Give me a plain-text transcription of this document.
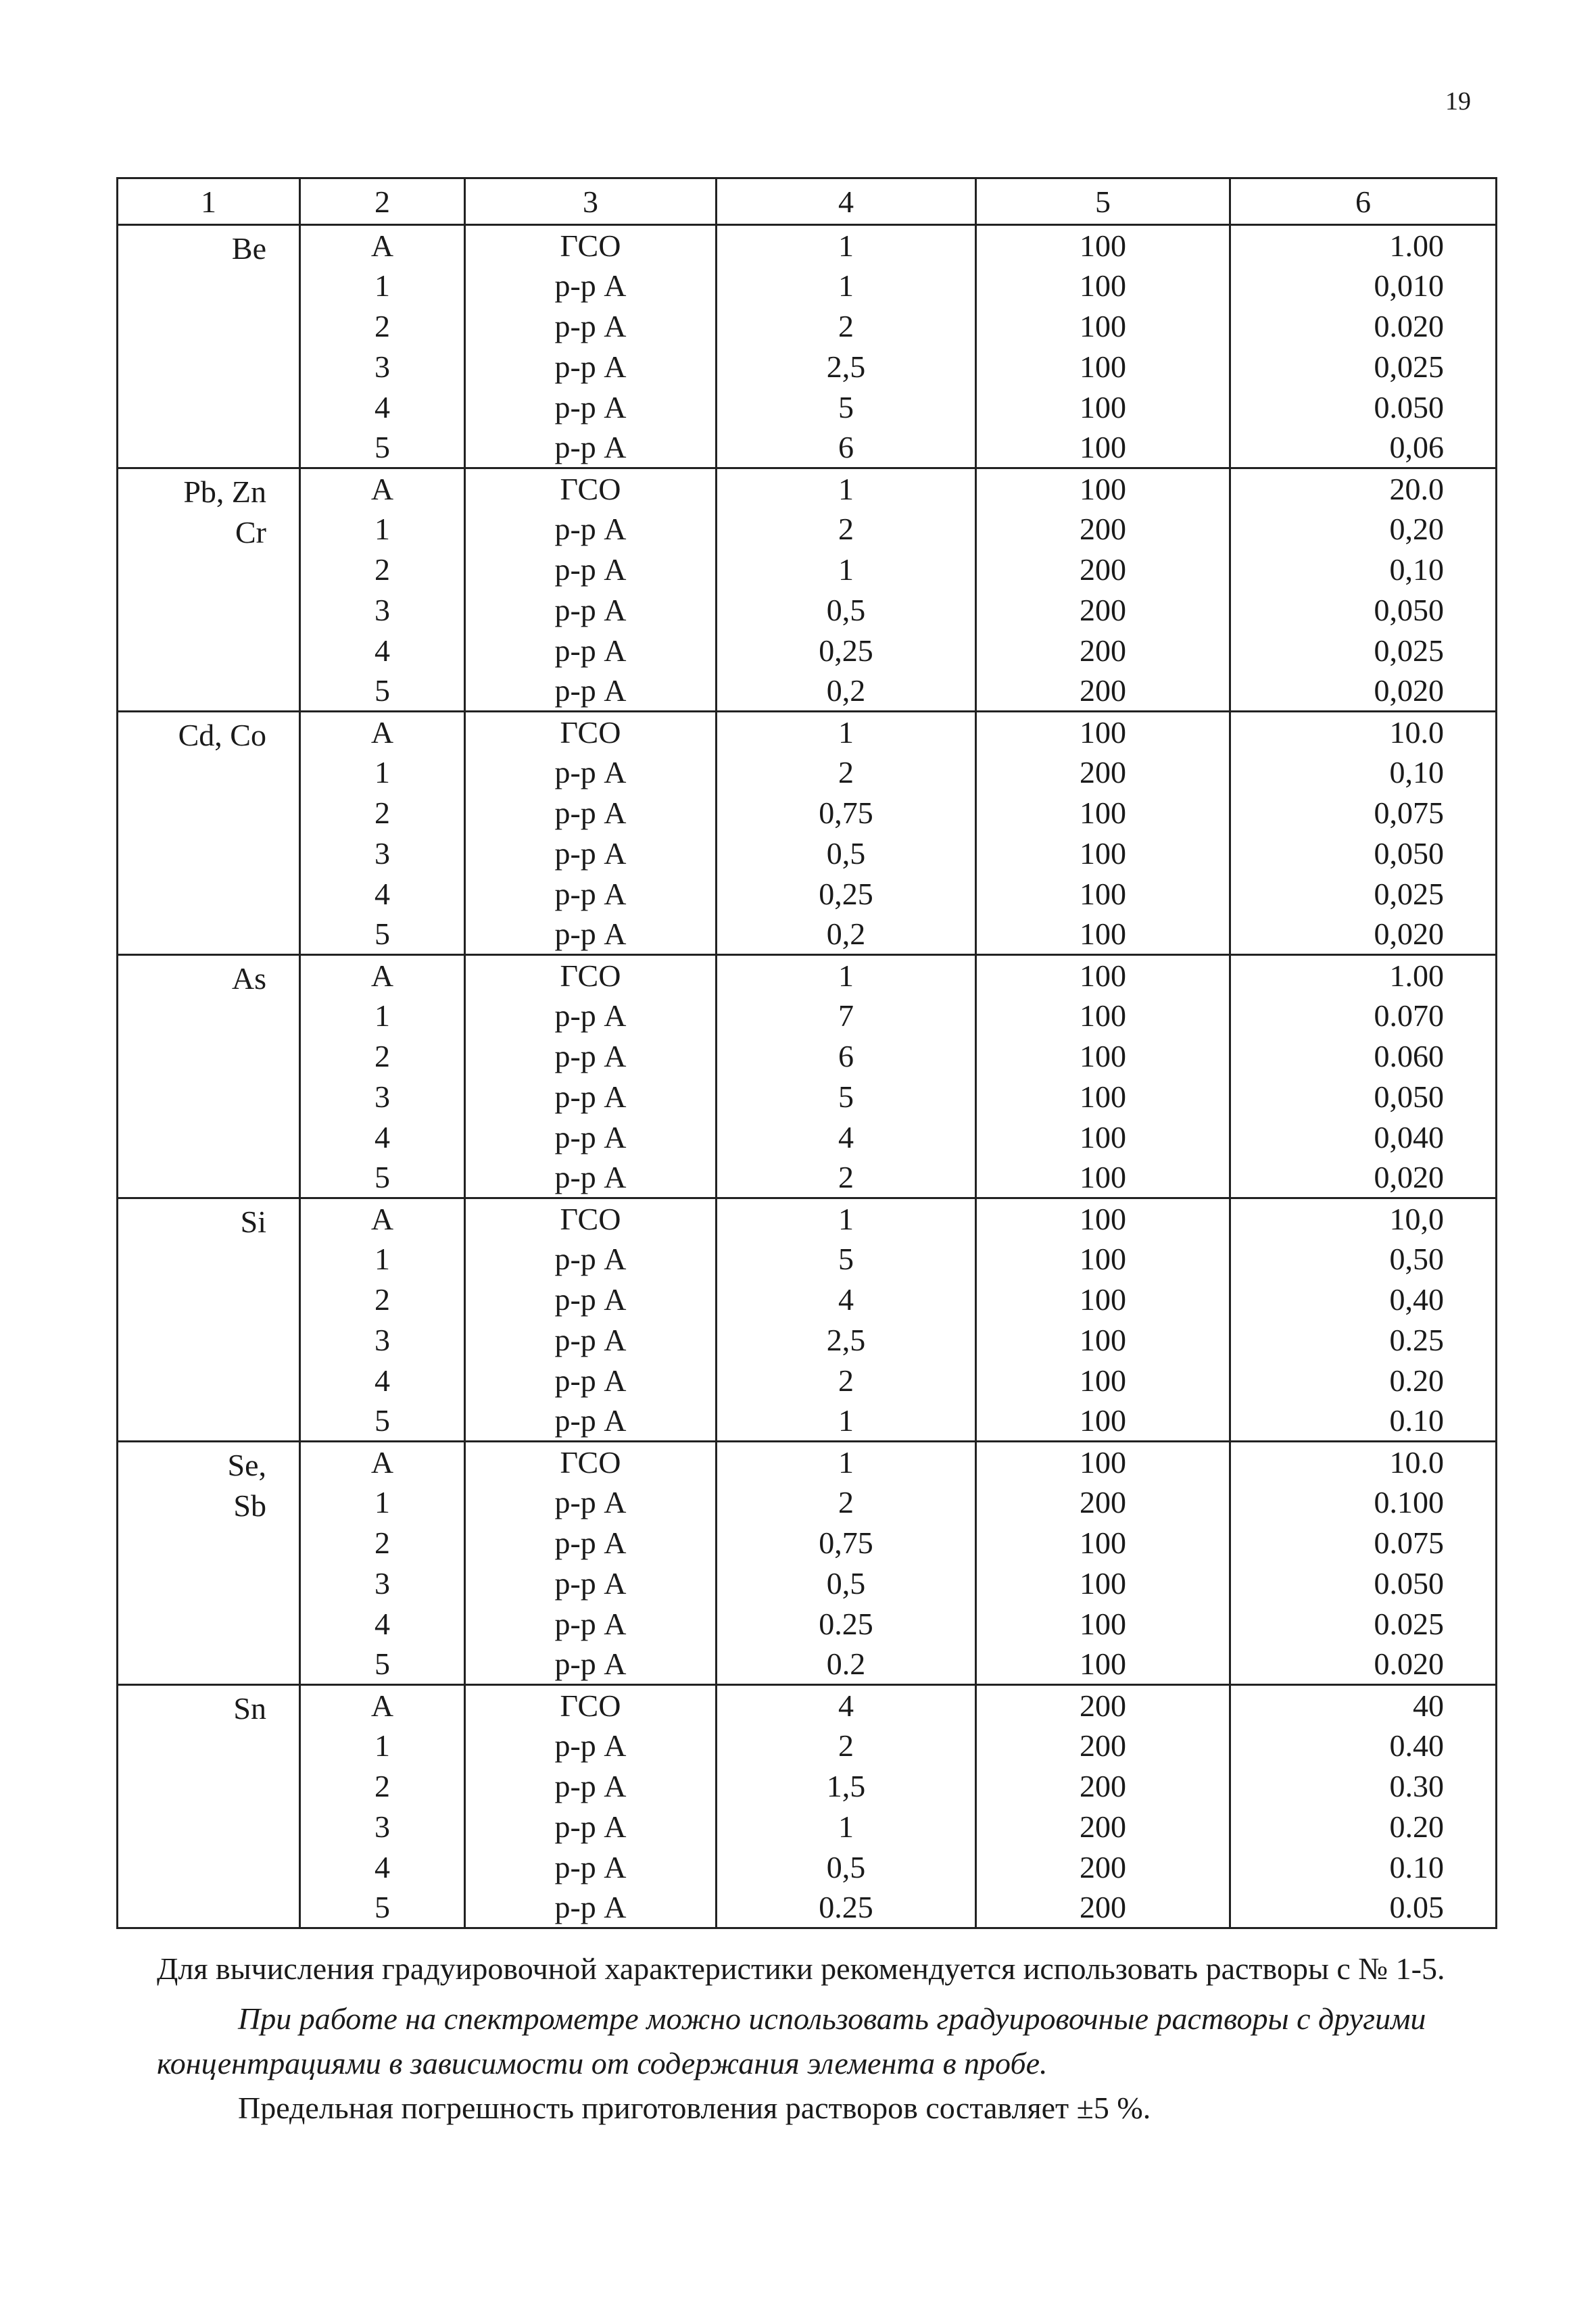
19
1	2	3	4	5	6
Be	A	ГСО	1	100	1.00
	1	р-р А	1	100	0,010
	2	р-р А	2	100	0.020
	3	р-р А	2,5	100	0,025
	4	р-р А	5	100	0.050
	5	р-р А	6	100	0,06
Pb, Zn
Cr	A	ГСО	1	100	20.0
	1	р-р А	2	200	0,20
	2	р-р А	1	200	0,10
	3	р-р А	0,5	200	0,050
	4	р-р А	0,25	200	0,025
	5	р-р А	0,2	200	0,020
Cd, Co	A	ГСО	1	100	10.0
	1	р-р А	2	200	0,10
	2	р-р А	0,75	100	0,075
	3	р-р А	0,5	100	0,050
	4	р-р А	0,25	100	0,025
	5	р-р А	0,2	100	0,020
As	A	ГСО	1	100	1.00
	1	р-р А	7	100	0.070
	2	р-р А	6	100	0.060
	3	р-р А	5	100	0,050
	4	р-р А	4	100	0,040
	5	р-р А	2	100	0,020
Si	A	ГСО	1	100	10,0
	1	р-р А	5	100	0,50
	2	р-р А	4	100	0,40
	3	р-р А	2,5	100	0.25
	4	р-р А	2	100	0.20
	5	р-р А	1	100	0.10
Se,
Sb	A	ГСО	1	100	10.0
	1	р-р А	2	200	0.100
	2	р-р А	0,75	100	0.075
	3	р-р А	0,5	100	0.050
	4	р-р А	0.25	100	0.025
	5	р-р А	0.2	100	0.020
Sn	A	ГСО	4	200	40
	1	р-р А	2	200	0.40
	2	р-р А	1,5	200	0.30
	3	р-р А	1	200	0.20
	4	р-р А	0,5	200	0.10
	5	р-р А	0.25	200	0.05

Для вычисления градуировочной характеристики рекомендуется использовать растворы с № 1-5.

При работе на спектрометре можно использовать градуировочные растворы с другими концентрациями в зависимости от содержания элемента в пробе.

Предельная погрешность приготовления растворов составляет ±5 %.
